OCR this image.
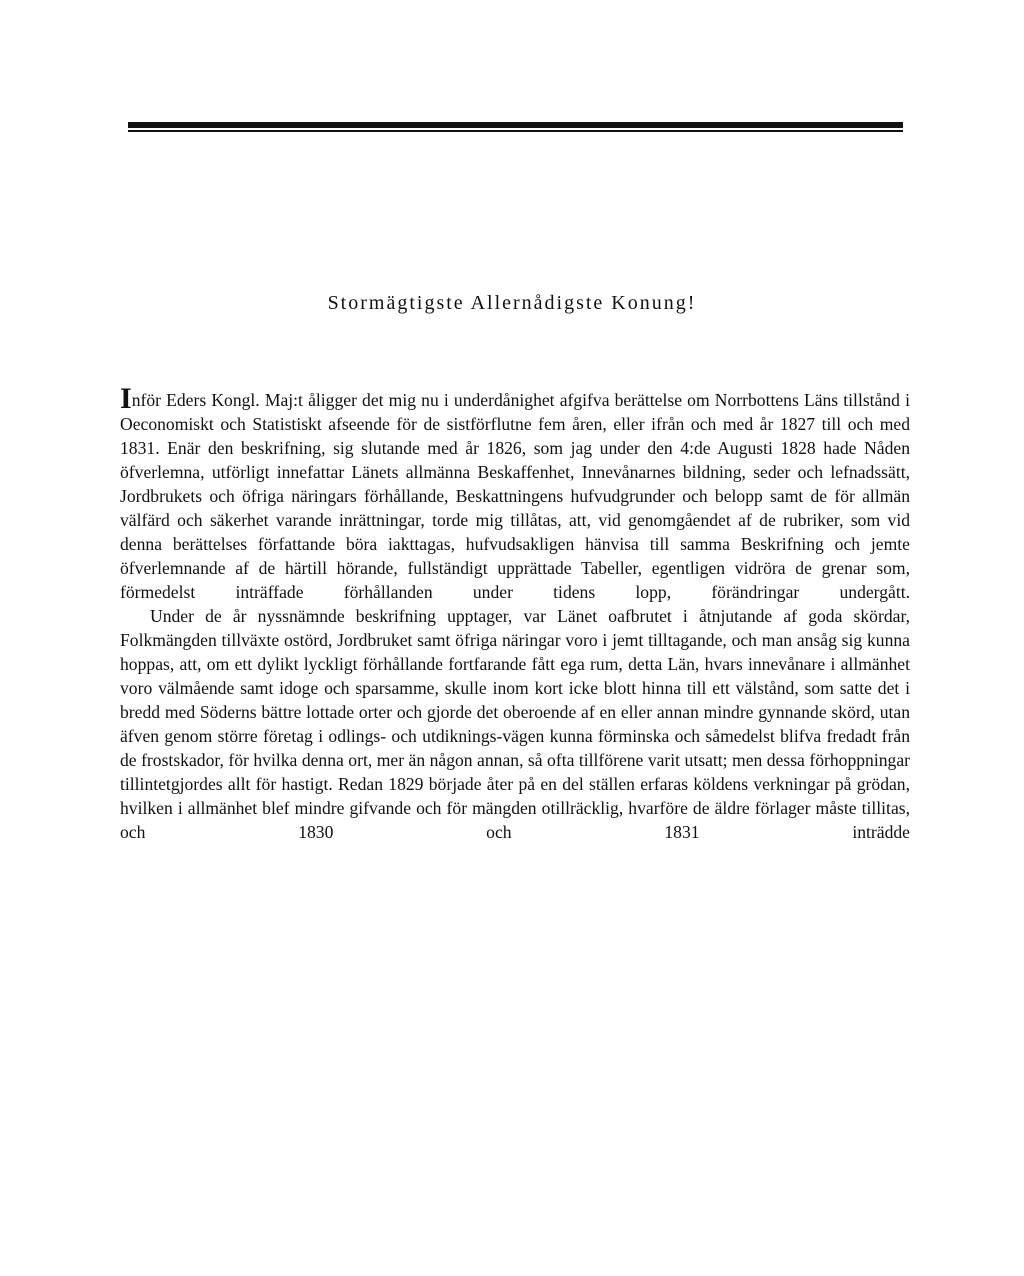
Stormägtigste Allernådigste Konung!

Inför Eders Kongl. Maj:t åligger det mig nu i underdånighet afgifva berättelse om Norrbottens Läns tillstånd i Oeconomiskt och Statistiskt afseende för de sistförflutne fem åren, eller ifrån och med år 1827 till och med 1831. Enär den beskrifning, sig slutande med år 1826, som jag under den 4:de Augusti 1828 hade Nåden öfverlemna, utförligt innefattar Länets allmänna Beskaffenhet, Innevånarnes bildning, seder och lefnadssätt, Jordbrukets och öfriga näringars förhållande, Beskattningens hufvudgrunder och belopp samt de för allmän välfärd och säkerhet varande inrättningar, torde mig tillåtas, att, vid genomgåendet af de rubriker, som vid denna berättelses författande böra iakttagas, hufvudsakligen hänvisa till samma Beskrifning och jemte öfverlemnande af de härtill hörande, fullständigt upprättade Tabeller, egentligen vidröra de grenar som, förmedelst inträffade förhållanden under tidens lopp, förändringar undergått.

Under de år nyssnämnde beskrifning upptager, var Länet oafbrutet i åtnjutande af goda skördar, Folkmängden tillväxte ostörd, Jordbruket samt öfriga näringar voro i jemt tilltagande, och man ansåg sig kunna hoppas, att, om ett dylikt lyckligt förhållande fortfarande fått ega rum, detta Län, hvars innevånare i allmänhet voro välmående samt idoge och sparsamme, skulle inom kort icke blott hinna till ett välstånd, som satte det i bredd med Söderns bättre lottade orter och gjorde det oberoende af en eller annan mindre gynnande skörd, utan äfven genom större företag i odlings- och utdiknings-vägen kunna förminska och såmedelst blifva fredadt från de frostskador, för hvilka denna ort, mer än någon annan, så ofta tillförene varit utsatt; men dessa förhoppningar tillintetgjordes allt för hastigt. Redan 1829 började åter på en del ställen erfaras köldens verkningar på grödan, hvilken i allmänhet blef mindre gifvande och för mängden otillräcklig, hvarföre de äldre förlager måste tillitas, och 1830 och 1831 inträdde
